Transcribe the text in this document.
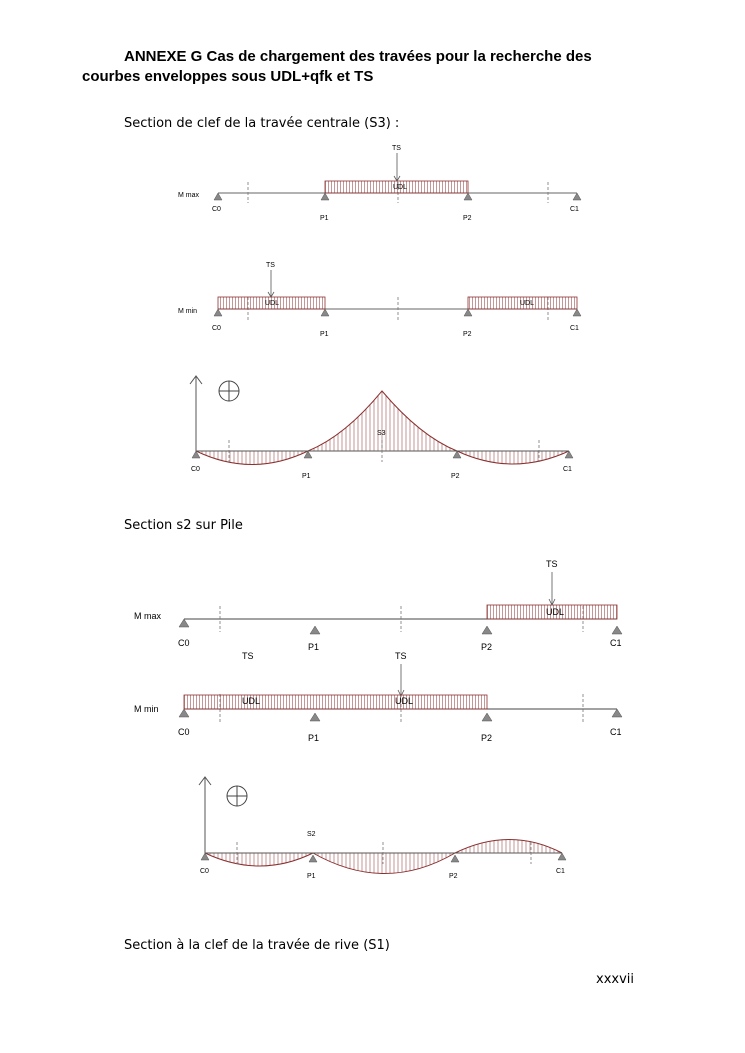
ANNEXE G Cas de chargement des travées pour la recherche des
courbes enveloppes sous UDL+qfk et TS
Section de clef de la travée centrale (S3) :
Section s2 sur Pile
Section à la clef de la travée de rive (S1)
xxxvii
UDL
TS
M max
C0
P1	P2
C1
UDL	UDL
TS
M min
C0
P1	P2
C1
S3
C0
P1	P2
C1
UDL
TS
M max
C0	P1	P2	C1
TS	TS
UDL	UDL
M min
C0
P1	P2
C1
S2
C0
P1	P2
C1
